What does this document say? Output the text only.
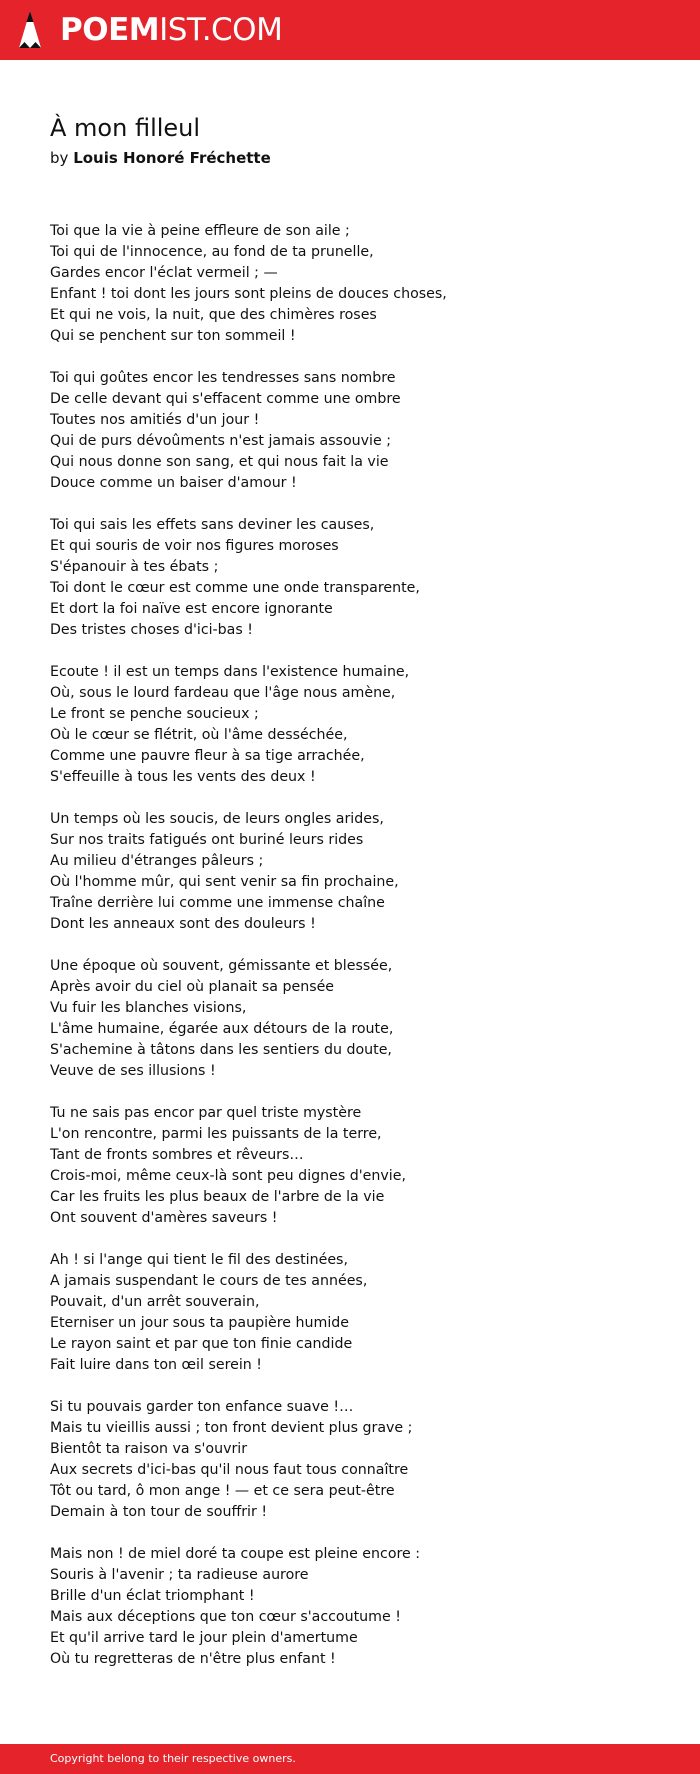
POEMIST.COM
À mon filleul
by Louis Honoré Fréchette
Toi que la vie à peine effleure de son aile ;
Toi qui de l'innocence, au fond de ta prunelle,
Gardes encor l'éclat vermeil ; —
Enfant ! toi dont les jours sont pleins de douces choses,
Et qui ne vois, la nuit, que des chimères roses
Qui se penchent sur ton sommeil !
Toi qui goûtes encor les tendresses sans nombre
De celle devant qui s'effacent comme une ombre
Toutes nos amitiés d'un jour !
Qui de purs dévoûments n'est jamais assouvie ;
Qui nous donne son sang, et qui nous fait la vie
Douce comme un baiser d'amour !
Toi qui sais les effets sans deviner les causes,
Et qui souris de voir nos figures moroses
S'épanouir à tes ébats ;
Toi dont le cœur est comme une onde transparente,
Et dort la foi naïve est encore ignorante
Des tristes choses d'ici-bas !
Ecoute ! il est un temps dans l'existence humaine,
Où, sous le lourd fardeau que l'âge nous amène,
Le front se penche soucieux ;
Où le cœur se flétrit, où l'âme desséchée,
Comme une pauvre fleur à sa tige arrachée,
S'effeuille à tous les vents des deux !
Un temps où les soucis, de leurs ongles arides,
Sur nos traits fatigués ont buriné leurs rides
Au milieu d'étranges pâleurs ;
Où l'homme mûr, qui sent venir sa fin prochaine,
Traîne derrière lui comme une immense chaîne
Dont les anneaux sont des douleurs !
Une époque où souvent, gémissante et blessée,
Après avoir du ciel où planait sa pensée
Vu fuir les blanches visions,
L'âme humaine, égarée aux détours de la route,
S'achemine à tâtons dans les sentiers du doute,
Veuve de ses illusions !
Tu ne sais pas encor par quel triste mystère
L'on rencontre, parmi les puissants de la terre,
Tant de fronts sombres et rêveurs…
Crois-moi, même ceux-là sont peu dignes d'envie,
Car les fruits les plus beaux de l'arbre de la vie
Ont souvent d'amères saveurs !
Ah ! si l'ange qui tient le fil des destinées,
A jamais suspendant le cours de tes années,
Pouvait, d'un arrêt souverain,
Eterniser un jour sous ta paupière humide
Le rayon saint et par que ton finie candide
Fait luire dans ton œil serein !
Si tu pouvais garder ton enfance suave !…
Mais tu vieillis aussi ; ton front devient plus grave ;
Bientôt ta raison va s'ouvrir
Aux secrets d'ici-bas qu'il nous faut tous connaître
Tôt ou tard, ô mon ange ! — et ce sera peut-être
Demain à ton tour de souffrir !
Mais non ! de miel doré ta coupe est pleine encore :
Souris à l'avenir ; ta radieuse aurore
Brille d'un éclat triomphant !
Mais aux déceptions que ton cœur s'accoutume !
Et qu'il arrive tard le jour plein d'amertume
Où tu regretteras de n'être plus enfant !
Copyright belong to their respective owners.
